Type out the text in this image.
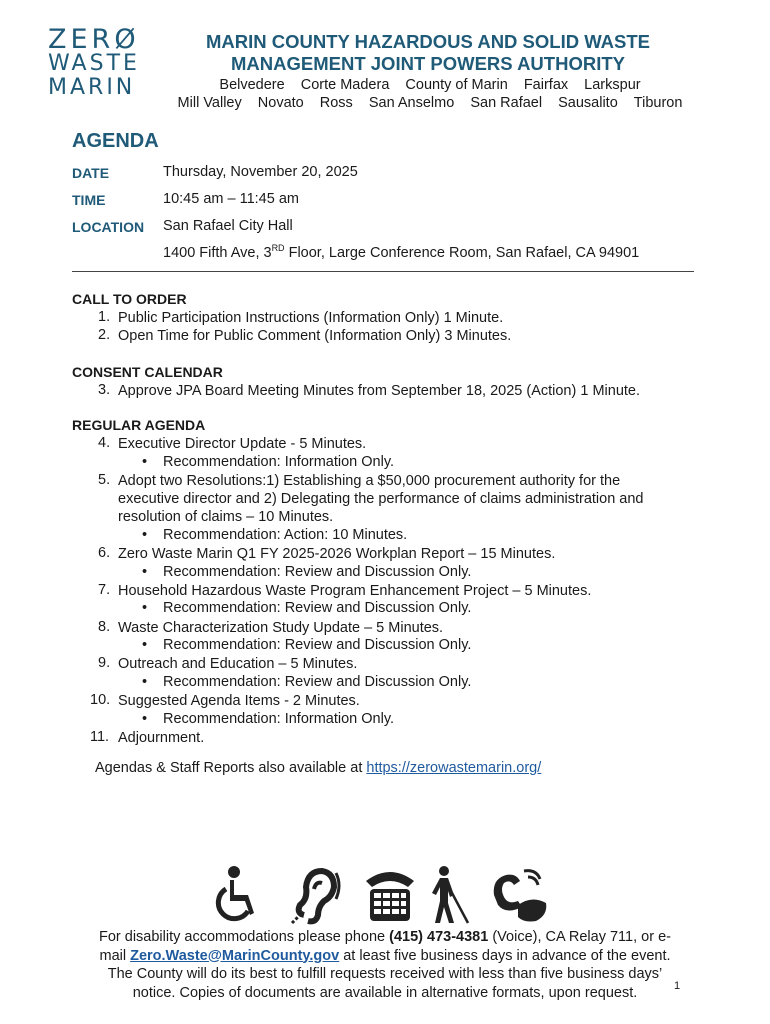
ZERØ
WASTE
MARIN
MARIN COUNTY HAZARDOUS AND SOLID WASTE
MANAGEMENT JOINT POWERS AUTHORITY
Belvedere Corte Madera County of Marin Fairfax Larkspur
Mill Valley Novato Ross San Anselmo San Rafael Sausalito Tiburon
AGENDA
DATE	Thursday, November 20, 2025
TIME	10:45 am – 11:45 am
LOCATION San Rafael City Hall
1400 Fifth Ave, 3RD Floor, Large Conference Room, San Rafael, CA 94901
CALL TO ORDER
1. Public Participation Instructions (Information Only) 1 Minute.
2. Open Time for Public Comment (Information Only) 3 Minutes.
CONSENT CALENDAR
3. Approve JPA Board Meeting Minutes from September 18, 2025 (Action) 1 Minute.
REGULAR AGENDA
4. Executive Director Update - 5 Minutes.
• Recommendation: Information Only.
5. Adopt two Resolutions:1) Establishing a $50,000 procurement authority for the
executive director and 2) Delegating the performance of claims administration and
resolution of claims – 10 Minutes.
• Recommendation: Action: 10 Minutes.
6. Zero Waste Marin Q1 FY 2025-2026 Workplan Report – 15 Minutes.
• Recommendation: Review and Discussion Only.
7. Household Hazardous Waste Program Enhancement Project – 5 Minutes.
• Recommendation: Review and Discussion Only.
8. Waste Characterization Study Update – 5 Minutes.
• Recommendation: Review and Discussion Only.
9. Outreach and Education – 5 Minutes.
• Recommendation: Review and Discussion Only.
10. Suggested Agenda Items - 2 Minutes.
• Recommendation: Information Only.
11. Adjournment.
Agendas & Staff Reports also available at https://zerowastemarin.org/
For disability accommodations please phone (415) 473-4381 (Voice), CA Relay 711, or e-
mail Zero.Waste@MarinCounty.gov at least five business days in advance of the event.
The County will do its best to fulfill requests received with less than five business days’
notice. Copies of documents are available in alternative formats, upon request.	1
